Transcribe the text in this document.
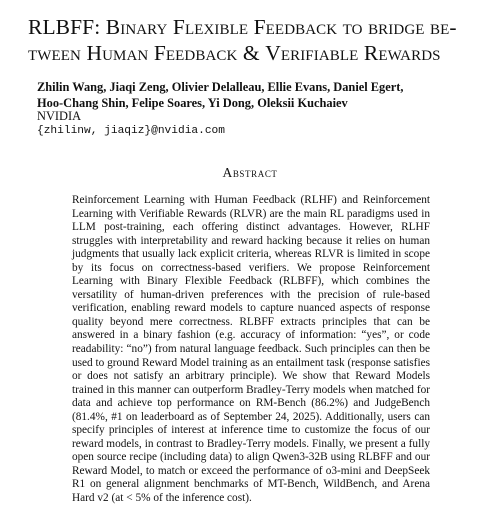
RLBFF: Binary Flexible Feedback to bridge be-
tween Human Feedback & Verifiable Rewards
Zhilin Wang, Jiaqi Zeng, Olivier Delalleau, Ellie Evans, Daniel Egert,
Hoo-Chang Shin, Felipe Soares, Yi Dong, Oleksii Kuchaiev
NVIDIA
{zhilinw, jiaqiz}@nvidia.com
Abstract
Reinforcement Learning with Human Feedback (RLHF) and Reinforcement Learning with Verifiable Rewards (RLVR) are the main RL paradigms used in LLM post-training, each offering distinct advantages. However, RLHF struggles with interpretability and reward hacking because it relies on human judgments that usually lack explicit criteria, whereas RLVR is limited in scope by its focus on correctness-based verifiers. We propose Reinforcement Learning with Binary Flexible Feedback (RLBFF), which combines the versatility of human-driven preferences with the precision of rule-based verification, enabling reward models to capture nuanced aspects of response quality beyond mere correctness. RLBFF extracts principles that can be answered in a binary fashion (e.g. accuracy of information: “yes”, or code readability: “no”) from natural language feedback. Such principles can then be used to ground Reward Model training as an entailment task (response satisfies or does not satisfy an arbitrary principle). We show that Reward Models trained in this manner can outperform Bradley-Terry models when matched for data and achieve top performance on RM-Bench (86.2%) and JudgeBench (81.4%, #1 on leaderboard as of September 24, 2025). Additionally, users can specify principles of interest at inference time to customize the focus of our reward models, in contrast to Bradley-Terry models. Finally, we present a fully open source recipe (including data) to align Qwen3-32B using RLBFF and our Reward Model, to match or exceed the performance of o3-mini and DeepSeek R1 on general alignment benchmarks of MT-Bench, WildBench, and Arena Hard v2 (at < 5% of the inference cost).
